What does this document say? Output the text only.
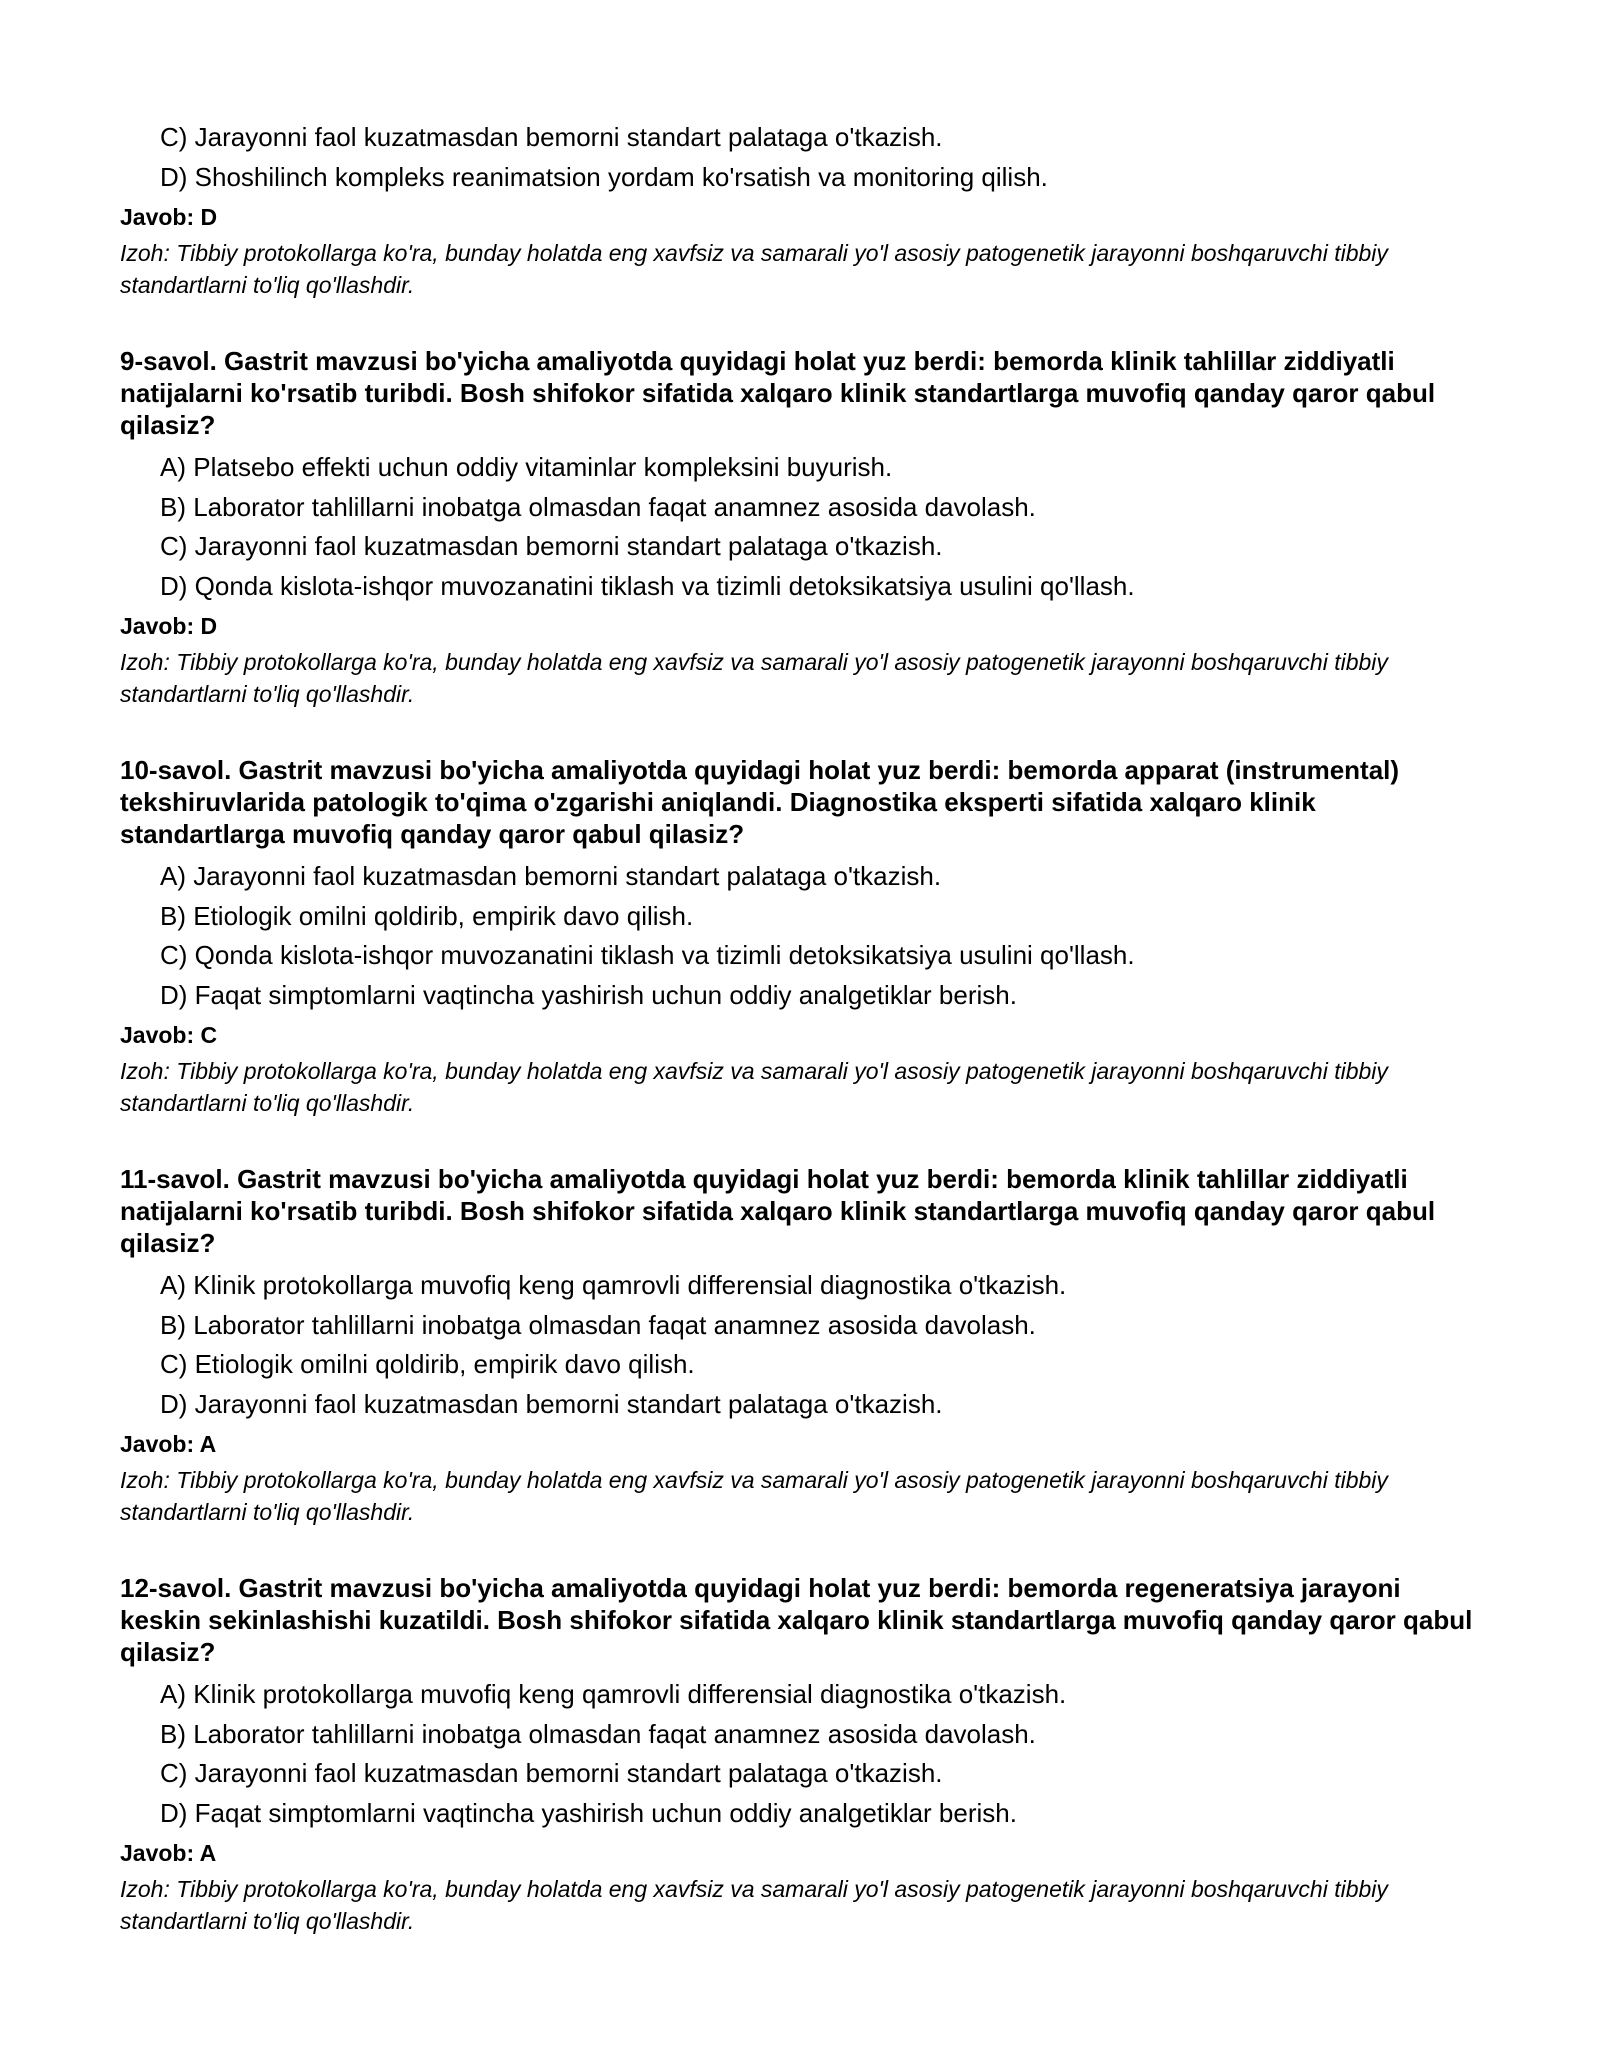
C) Jarayonni faol kuzatmasdan bemorni standart palataga o'tkazish.
D) Shoshilinch kompleks reanimatsion yordam ko'rsatish va monitoring qilish.

Javob: D

Izoh: Tibbiy protokollarga ko'ra, bunday holatda eng xavfsiz va samarali yo'l asosiy patogenetik jarayonni boshqaruvchi tibbiy standartlarni to'liq qo'llashdir.

9-savol. Gastrit mavzusi bo'yicha amaliyotda quyidagi holat yuz berdi: bemorda klinik tahlillar ziddiyatli natijalarni ko'rsatib turibdi. Bosh shifokor sifatida xalqaro klinik standartlarga muvofiq qanday qaror qabul qilasiz?

A) Platsebo effekti uchun oddiy vitaminlar kompleksini buyurish.
B) Laborator tahlillarni inobatga olmasdan faqat anamnez asosida davolash.
C) Jarayonni faol kuzatmasdan bemorni standart palataga o'tkazish.
D) Qonda kislota-ishqor muvozanatini tiklash va tizimli detoksikatsiya usulini qo'llash.

Javob: D

Izoh: Tibbiy protokollarga ko'ra, bunday holatda eng xavfsiz va samarali yo'l asosiy patogenetik jarayonni boshqaruvchi tibbiy standartlarni to'liq qo'llashdir.

10-savol. Gastrit mavzusi bo'yicha amaliyotda quyidagi holat yuz berdi: bemorda apparat (instrumental) tekshiruvlarida patologik to'qima o'zgarishi aniqlandi. Diagnostika eksperti sifatida xalqaro klinik standartlarga muvofiq qanday qaror qabul qilasiz?

A) Jarayonni faol kuzatmasdan bemorni standart palataga o'tkazish.
B) Etiologik omilni qoldirib, empirik davo qilish.
C) Qonda kislota-ishqor muvozanatini tiklash va tizimli detoksikatsiya usulini qo'llash.
D) Faqat simptomlarni vaqtincha yashirish uchun oddiy analgetiklar berish.

Javob: C

Izoh: Tibbiy protokollarga ko'ra, bunday holatda eng xavfsiz va samarali yo'l asosiy patogenetik jarayonni boshqaruvchi tibbiy standartlarni to'liq qo'llashdir.

11-savol. Gastrit mavzusi bo'yicha amaliyotda quyidagi holat yuz berdi: bemorda klinik tahlillar ziddiyatli natijalarni ko'rsatib turibdi. Bosh shifokor sifatida xalqaro klinik standartlarga muvofiq qanday qaror qabul qilasiz?

A) Klinik protokollarga muvofiq keng qamrovli differensial diagnostika o'tkazish.
B) Laborator tahlillarni inobatga olmasdan faqat anamnez asosida davolash.
C) Etiologik omilni qoldirib, empirik davo qilish.
D) Jarayonni faol kuzatmasdan bemorni standart palataga o'tkazish.

Javob: A

Izoh: Tibbiy protokollarga ko'ra, bunday holatda eng xavfsiz va samarali yo'l asosiy patogenetik jarayonni boshqaruvchi tibbiy standartlarni to'liq qo'llashdir.

12-savol. Gastrit mavzusi bo'yicha amaliyotda quyidagi holat yuz berdi: bemorda regeneratsiya jarayoni keskin sekinlashishi kuzatildi. Bosh shifokor sifatida xalqaro klinik standartlarga muvofiq qanday qaror qabul qilasiz?

A) Klinik protokollarga muvofiq keng qamrovli differensial diagnostika o'tkazish.
B) Laborator tahlillarni inobatga olmasdan faqat anamnez asosida davolash.
C) Jarayonni faol kuzatmasdan bemorni standart palataga o'tkazish.
D) Faqat simptomlarni vaqtincha yashirish uchun oddiy analgetiklar berish.

Javob: A

Izoh: Tibbiy protokollarga ko'ra, bunday holatda eng xavfsiz va samarali yo'l asosiy patogenetik jarayonni boshqaruvchi tibbiy standartlarni to'liq qo'llashdir.
